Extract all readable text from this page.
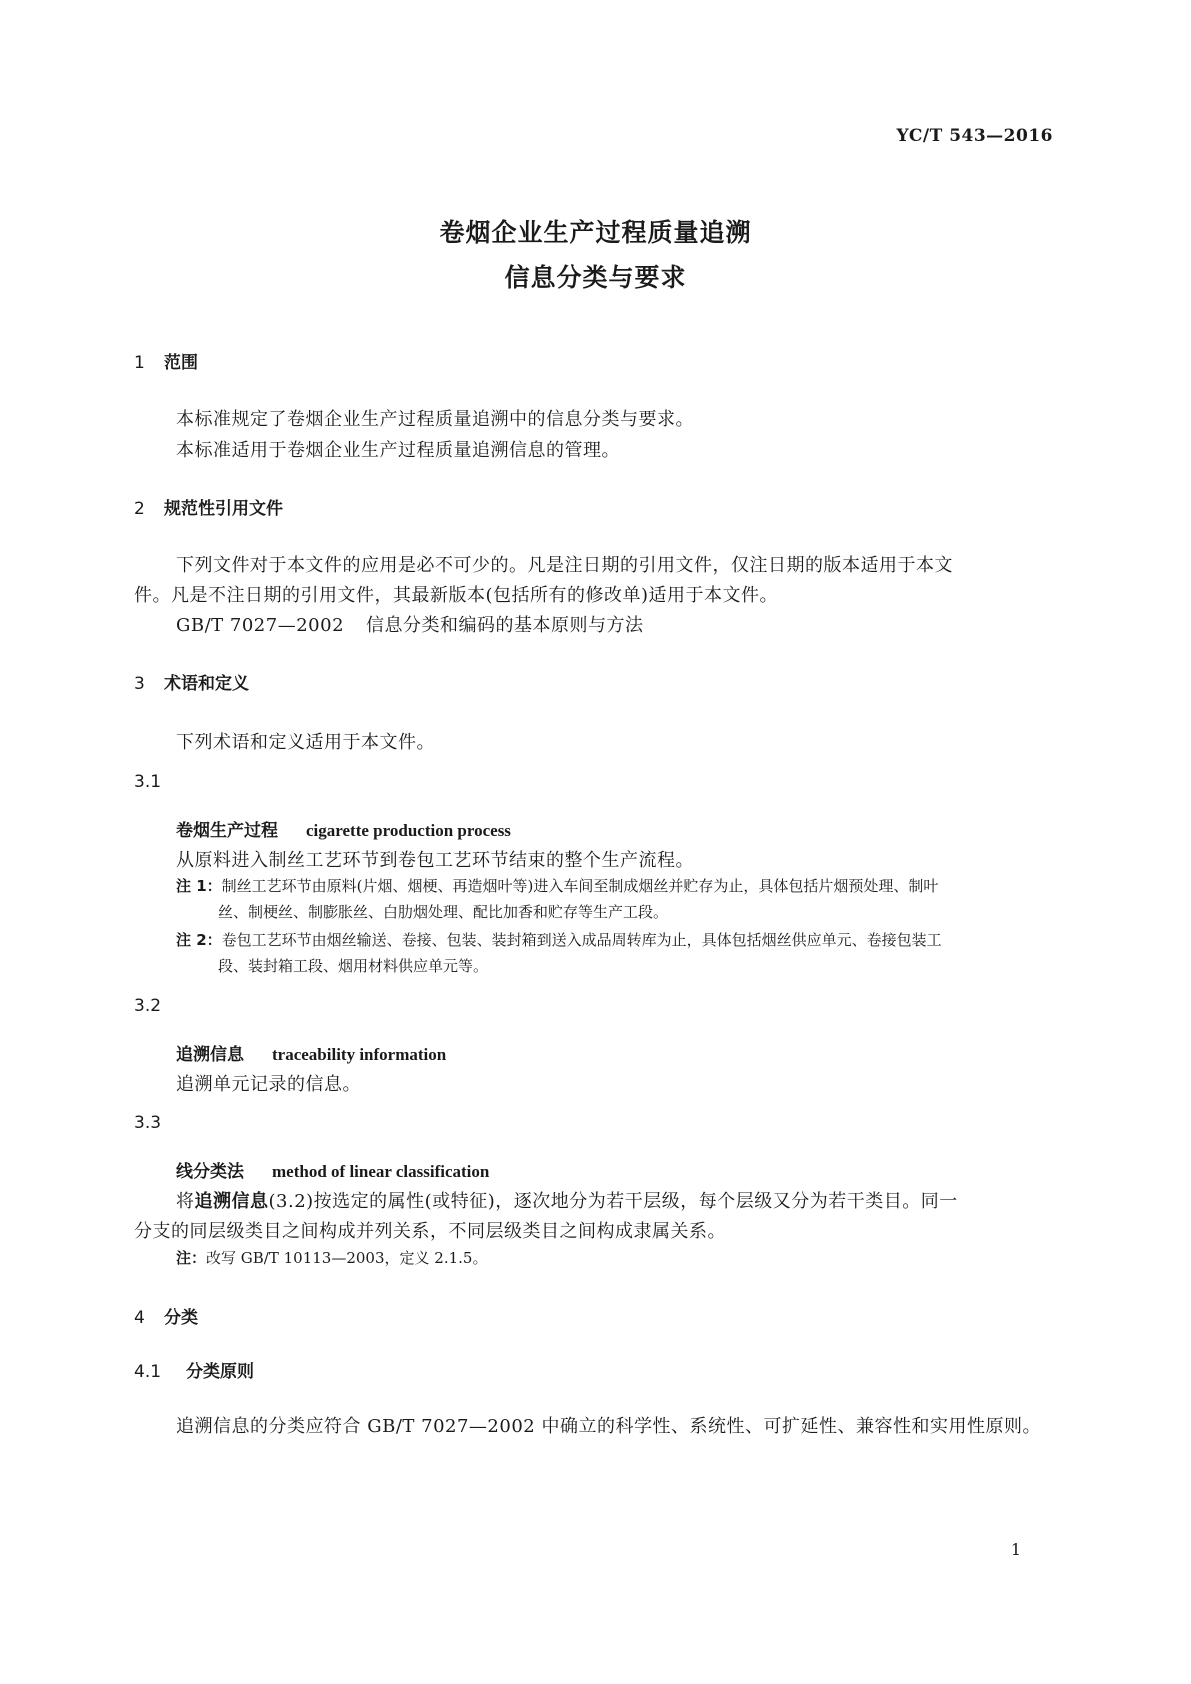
YC/T 543—2016
卷烟企业生产过程质量追溯
信息分类与要求
1 范围
本标准规定了卷烟企业生产过程质量追溯中的信息分类与要求。
本标准适用于卷烟企业生产过程质量追溯信息的管理。
2 规范性引用文件
下列文件对于本文件的应用是必不可少的。凡是注日期的引用文件，仅注日期的版本适用于本文
件。凡是不注日期的引用文件，其最新版本(包括所有的修改单)适用于本文件。
GB/T 7027—2002 信息分类和编码的基本原则与方法
3 术语和定义
下列术语和定义适用于本文件。
3.1
卷烟生产过程 cigarette production process
从原料进入制丝工艺环节到卷包工艺环节结束的整个生产流程。
注 1：制丝工艺环节由原料(片烟、烟梗、再造烟叶等)进入车间至制成烟丝并贮存为止，具体包括片烟预处理、制叶
丝、制梗丝、制膨胀丝、白肋烟处理、配比加香和贮存等生产工段。
注 2：卷包工艺环节由烟丝输送、卷接、包装、装封箱到送入成品周转库为止，具体包括烟丝供应单元、卷接包装工
段、装封箱工段、烟用材料供应单元等。
3.2
追溯信息 traceability information
追溯单元记录的信息。
3.3
线分类法 method of linear classification
将追溯信息(3.2)按选定的属性(或特征)，逐次地分为若干层级，每个层级又分为若干类目。同一
分支的同层级类目之间构成并列关系，不同层级类目之间构成隶属关系。
注：改写 GB/T 10113—2003，定义 2.1.5。
4 分类
4.1 分类原则
追溯信息的分类应符合 GB/T 7027—2002 中确立的科学性、系统性、可扩延性、兼容性和实用性原则。
1
